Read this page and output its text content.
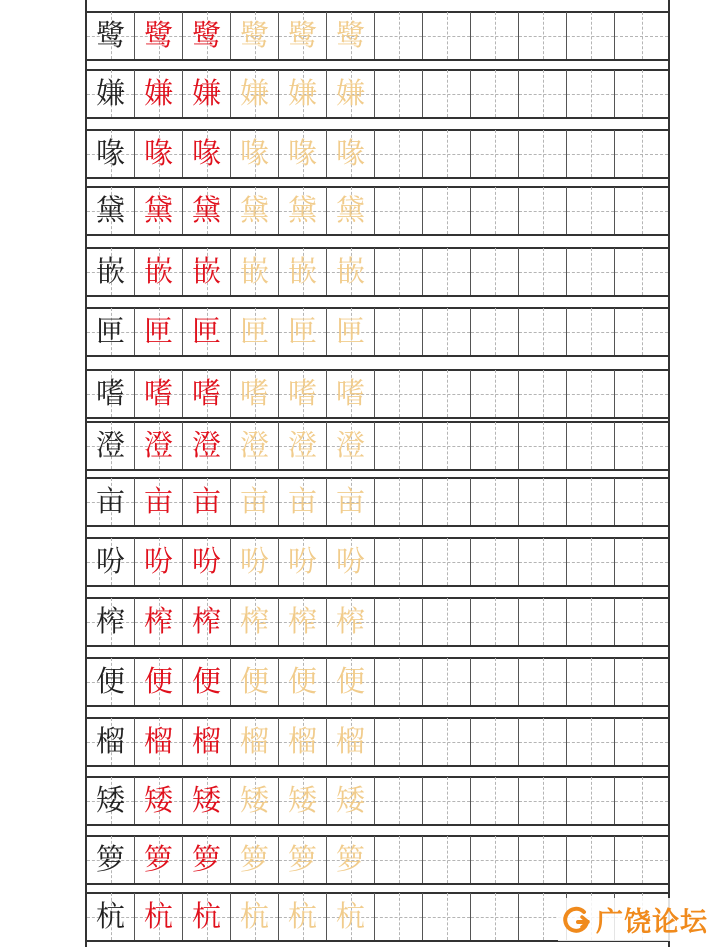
鹭 鹭 鹭 鹭 鹭 鹭
嫌 嫌 嫌 嫌 嫌 嫌
喙 喙 喙 喙 喙 喙
黛 黛 黛 黛 黛 黛
嵌 嵌 嵌 嵌 嵌 嵌
匣 匣 匣 匣 匣 匣
嗜 嗜 嗜 嗜 嗜 嗜
澄 澄 澄 澄 澄 澄
亩 亩 亩 亩 亩 亩
吩 吩 吩 吩 吩 吩
榨 榨 榨 榨 榨 榨
便 便 便 便 便 便
榴 榴 榴 榴 榴 榴
矮 矮 矮 矮 矮 矮
箩 箩 箩 箩 箩 箩
杭 杭 杭 杭 杭 杭	广饶论坛
